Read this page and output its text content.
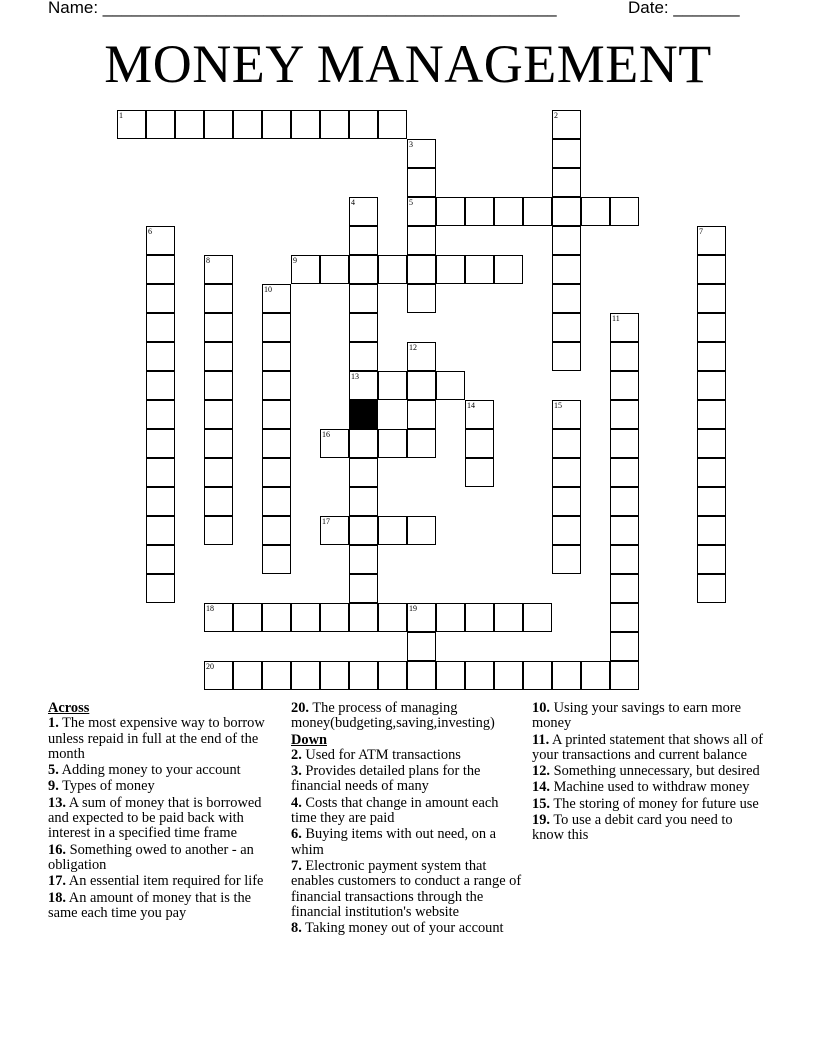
Name: ________________________________________________	Date: _______
MONEY MANAGEMENT
1	2
3
5
4
13
6	7
8	9
10
11
12
14	15
16
17
18	19
20
Across
1. The most expensive way to borrow unless repaid in full at the end of the month
5. Adding money to your account
9. Types of money
13. A sum of money that is borrowed and expected to be paid back with interest in a specified time frame
16. Something owed to another - an obligation
17. An essential item required for life
18. An amount of money that is the same each time you pay
20. The process of managing money(budgeting,saving,investing)
Down
2. Used for ATM transactions
3. Provides detailed plans for the financial needs of many
4. Costs that change in amount each time they are paid
6. Buying items with out need, on a whim
7. Electronic payment system that enables customers to conduct a range of financial transactions through the financial institution's website
8. Taking money out of your account
10. Using your savings to earn more money
11. A printed statement that shows all of your transactions and current balance
12. Something unnecessary, but desired
14. Machine used to withdraw money
15. The storing of money for future use
19. To use a debit card you need to know this
